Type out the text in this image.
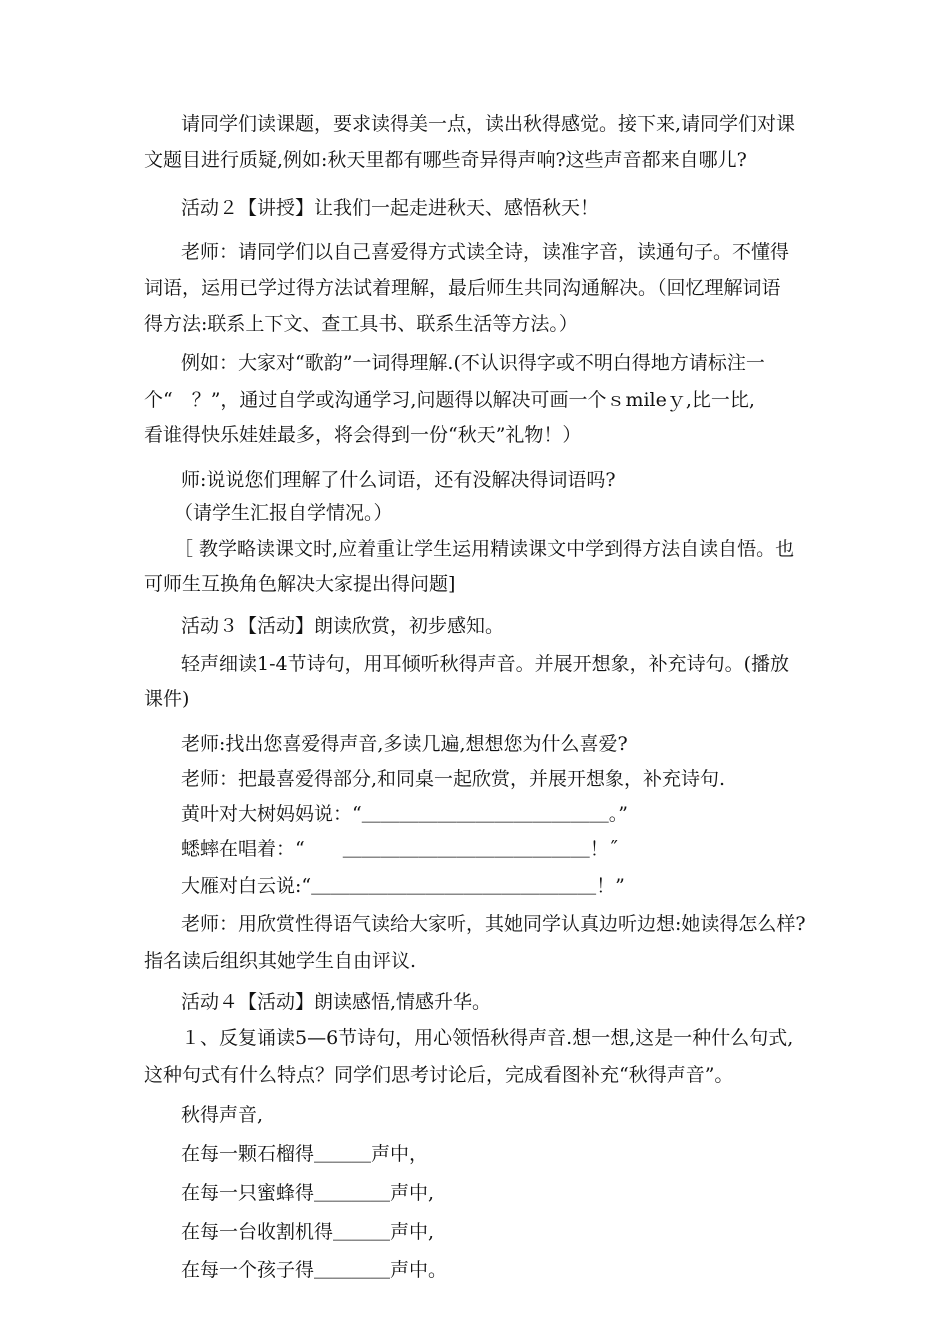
请同学们读课题，要求读得美一点，读出秋得感觉。接下来,请同学们对课
文题目进行质疑,例如:秋天里都有哪些奇异得声响?这些声音都来自哪儿?
活动２【讲授】让我们一起走进秋天、感悟秋天！
老师：请同学们以自己喜爱得方式读全诗，读准字音，读通句子。不懂得
词语，运用已学过得方法试着理解，最后师生共同沟通解决。（回忆理解词语
得方法:联系上下文、查工具书、联系生活等方法。）
例如：大家对“歌韵”一词得理解.(不认识得字或不明白得地方请标注一
个“　？”，通过自学或沟通学习,问题得以解决可画一个ｓmileｙ,比一比,
看谁得快乐娃娃最多，将会得到一份“秋天”礼物！）
师:说说您们理解了什么词语，还有没解决得词语吗?
（请学生汇报自学情况。）
［ 教学略读课文时,应着重让学生运用精读课文中学到得方法自读自悟。也
可师生互换角色解决大家提出得问题]
活动３【活动】朗读欣赏，初步感知。
轻声细读1-4节诗句，用耳倾听秋得声音。并展开想象，补充诗句。(播放
课件)
老师:找出您喜爱得声音,多读几遍,想想您为什么喜爱?
老师：把最喜爱得部分,和同桌一起欣赏，并展开想象，补充诗句.
黄叶对大树妈妈说：“＿＿＿＿＿＿＿＿＿＿＿＿＿。”
蟋蟀在唱着：“　　＿＿＿＿＿＿＿＿＿＿＿＿＿！˝
大雁对白云说:“＿＿＿＿＿＿＿＿＿＿＿＿＿＿＿！”
老师：用欣赏性得语气读给大家听，其她同学认真边听边想:她读得怎么样?
指名读后组织其她学生自由评议.
活动４【活动】朗读感悟,情感升华。
１、反复诵读5—6节诗句，用心领悟秋得声音.想一想,这是一种什么句式,
这种句式有什么特点？同学们思考讨论后，完成看图补充“秋得声音”。
秋得声音,
在每一颗石榴得＿＿＿声中，
在每一只蜜蜂得＿＿＿＿声中,
在每一台收割机得＿＿＿声中,
在每一个孩子得＿＿＿＿声中。
